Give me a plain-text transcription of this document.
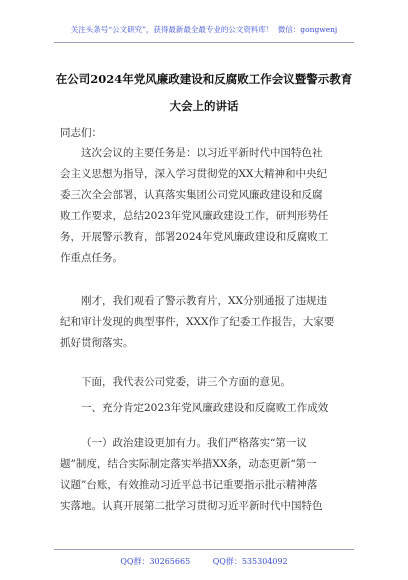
关注头条号“公文研究”，获得最新最全最专业的公文资料库！ 微信：gongwenj
在公司2024年党风廉政建设和反腐败工作会议暨警示教育
大会上的讲话
同志们：
这次会议的主要任务是：以习近平新时代中国特色社
会主义思想为指导，深入学习贯彻党的XX大精神和中央纪
委三次全会部署，认真落实集团公司党风廉政建设和反腐
败工作要求，总结2023年党风廉政建设工作，研判形势任
务，开展警示教育，部署2024年党风廉政建设和反腐败工
作重点任务。
刚才，我们观看了警示教育片，XX分别通报了违规违
纪和审计发现的典型事件，XXX作了纪委工作报告，大家要
抓好贯彻落实。
下面，我代表公司党委，讲三个方面的意见。
一、充分肯定2023年党风廉政建设和反腐败工作成效
（一）政治建设更加有力。我们严格落实“第一议
题”制度，结合实际制定落实举措XX条，动态更新“第一
议题”台账，有效推动习近平总书记重要指示批示精神落
实落地。认真开展第二批学习贯彻习近平新时代中国特色
QQ群：30265665	QQ群：535304092
